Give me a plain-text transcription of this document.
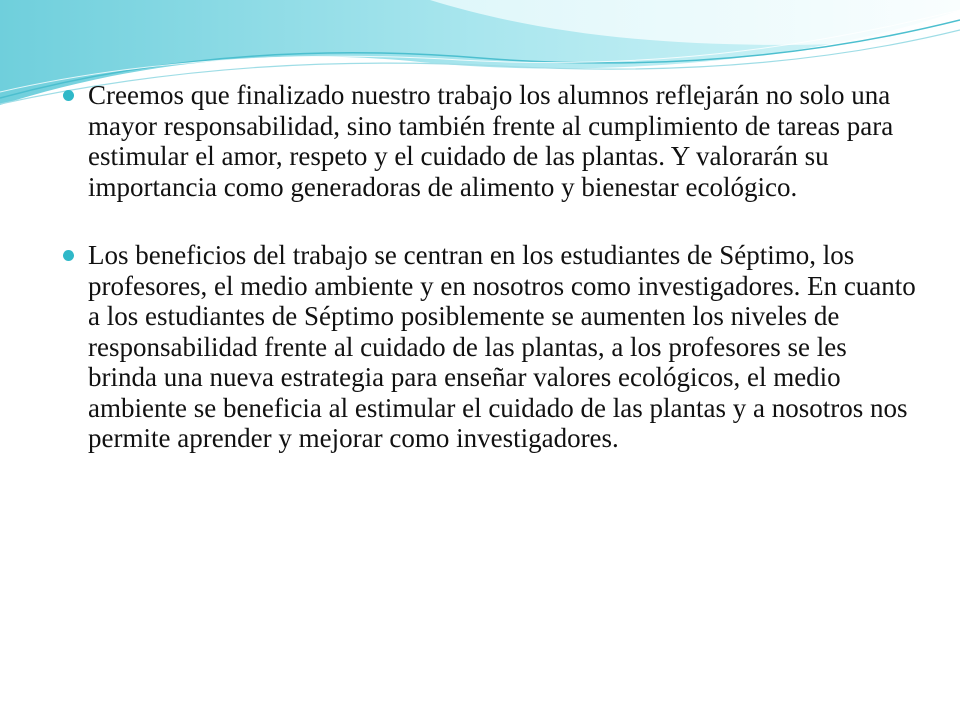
Creemos que finalizado nuestro trabajo los alumnos reflejarán no solo una mayor responsabilidad, sino también frente al cumplimiento de tareas para estimular el amor, respeto y el cuidado de las plantas. Y valorarán su importancia como generadoras de alimento y bienestar ecológico.
Los beneficios del trabajo se centran en los estudiantes de Séptimo, los profesores, el medio ambiente y en nosotros como investigadores. En cuanto a los estudiantes de Séptimo posiblemente se aumenten los niveles de responsabilidad frente al cuidado de las plantas, a los profesores se les brinda una nueva estrategia para enseñar valores ecológicos, el medio ambiente se beneficia al estimular el cuidado de las plantas y a nosotros nos permite aprender y mejorar como investigadores.
